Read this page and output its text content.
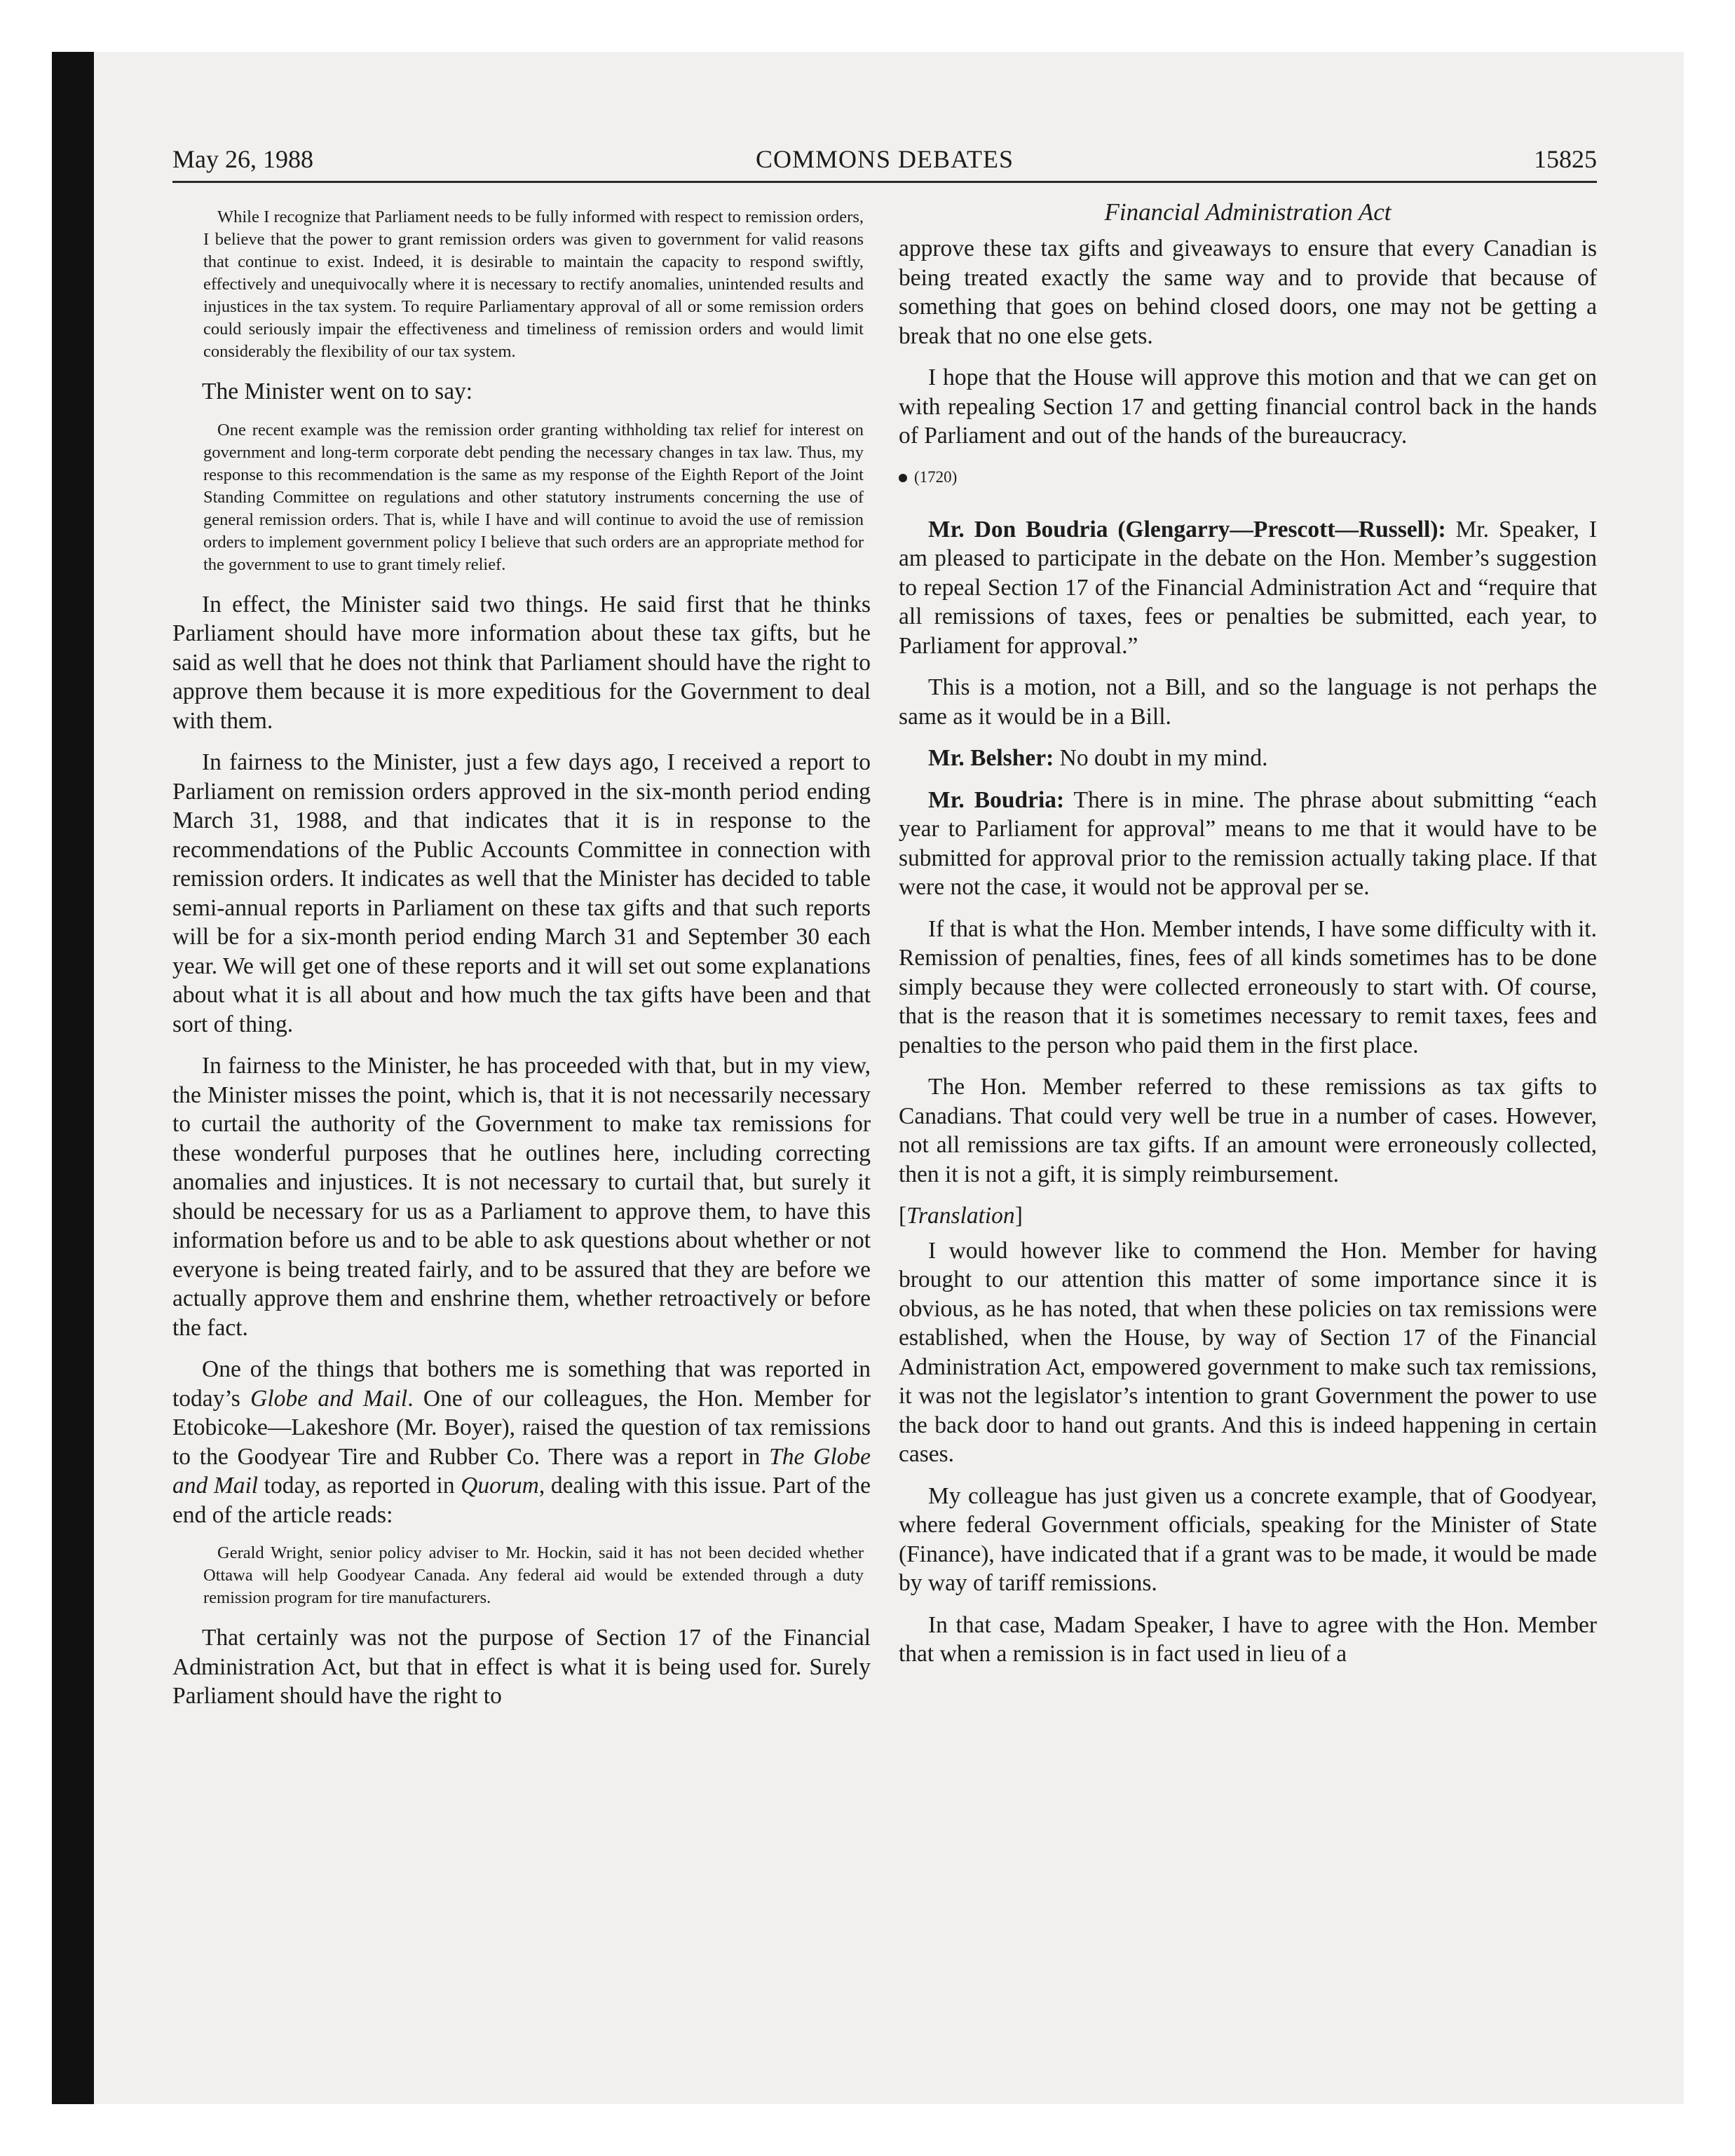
May 26, 1988	COMMONS DEBATES	15825

While I recognize that Parliament needs to be fully informed with respect to remission orders, I believe that the power to grant remission orders was given to government for valid reasons that continue to exist. Indeed, it is desirable to maintain the capacity to respond swiftly, effectively and unequivocally where it is necessary to rectify anomalies, unintended results and injustices in the tax system. To require Parliamentary approval of all or some remission orders could seriously impair the effectiveness and timeliness of remission orders and would limit considerably the flexibility of our tax system.

The Minister went on to say:

One recent example was the remission order granting withholding tax relief for interest on government and long-term corporate debt pending the necessary changes in tax law. Thus, my response to this recommendation is the same as my response of the Eighth Report of the Joint Standing Committee on regulations and other statutory instruments concerning the use of general remission orders. That is, while I have and will continue to avoid the use of remission orders to implement government policy I believe that such orders are an appropriate method for the government to use to grant timely relief.

In effect, the Minister said two things. He said first that he thinks Parliament should have more information about these tax gifts, but he said as well that he does not think that Parliament should have the right to approve them because it is more expeditious for the Government to deal with them.

In fairness to the Minister, just a few days ago, I received a report to Parliament on remission orders approved in the six-month period ending March 31, 1988, and that indicates that it is in response to the recommendations of the Public Accounts Committee in connection with remission orders. It indicates as well that the Minister has decided to table semi-annual reports in Parliament on these tax gifts and that such reports will be for a six-month period ending March 31 and September 30 each year. We will get one of these reports and it will set out some explanations about what it is all about and how much the tax gifts have been and that sort of thing.

In fairness to the Minister, he has proceeded with that, but in my view, the Minister misses the point, which is, that it is not necessarily necessary to curtail the authority of the Government to make tax remissions for these wonderful purposes that he outlines here, including correcting anomalies and injustices. It is not necessary to curtail that, but surely it should be necessary for us as a Parliament to approve them, to have this information before us and to be able to ask questions about whether or not everyone is being treated fairly, and to be assured that they are before we actually approve them and enshrine them, whether retroactively or before the fact.

One of the things that bothers me is something that was reported in today’s Globe and Mail. One of our colleagues, the Hon. Member for Etobicoke—Lakeshore (Mr. Boyer), raised the question of tax remissions to the Goodyear Tire and Rubber Co. There was a report in The Globe and Mail today, as reported in Quorum, dealing with this issue. Part of the end of the article reads:

Gerald Wright, senior policy adviser to Mr. Hockin, said it has not been decided whether Ottawa will help Goodyear Canada. Any federal aid would be extended through a duty remission program for tire manufacturers.

That certainly was not the purpose of Section 17 of the Financial Administration Act, but that in effect is what it is being used for. Surely Parliament should have the right to

Financial Administration Act

approve these tax gifts and giveaways to ensure that every Canadian is being treated exactly the same way and to provide that because of something that goes on behind closed doors, one may not be getting a break that no one else gets.

I hope that the House will approve this motion and that we can get on with repealing Section 17 and getting financial control back in the hands of Parliament and out of the hands of the bureaucracy.

(1720)

Mr. Don Boudria (Glengarry—Prescott—Russell): Mr. Speaker, I am pleased to participate in the debate on the Hon. Member’s suggestion to repeal Section 17 of the Financial Administration Act and “require that all remissions of taxes, fees or penalties be submitted, each year, to Parliament for approval.”

This is a motion, not a Bill, and so the language is not perhaps the same as it would be in a Bill.

Mr. Belsher: No doubt in my mind.

Mr. Boudria: There is in mine. The phrase about submitting “each year to Parliament for approval” means to me that it would have to be submitted for approval prior to the remission actually taking place. If that were not the case, it would not be approval per se.

If that is what the Hon. Member intends, I have some difficulty with it. Remission of penalties, fines, fees of all kinds sometimes has to be done simply because they were collected erroneously to start with. Of course, that is the reason that it is sometimes necessary to remit taxes, fees and penalties to the person who paid them in the first place.

The Hon. Member referred to these remissions as tax gifts to Canadians. That could very well be true in a number of cases. However, not all remissions are tax gifts. If an amount were erroneously collected, then it is not a gift, it is simply reimbursement.

[Translation]

I would however like to commend the Hon. Member for having brought to our attention this matter of some importance since it is obvious, as he has noted, that when these policies on tax remissions were established, when the House, by way of Section 17 of the Financial Administration Act, empowered government to make such tax remissions, it was not the legislator’s intention to grant Government the power to use the back door to hand out grants. And this is indeed happening in certain cases.

My colleague has just given us a concrete example, that of Goodyear, where federal Government officials, speaking for the Minister of State (Finance), have indicated that if a grant was to be made, it would be made by way of tariff remissions.

In that case, Madam Speaker, I have to agree with the Hon. Member that when a remission is in fact used in lieu of a
